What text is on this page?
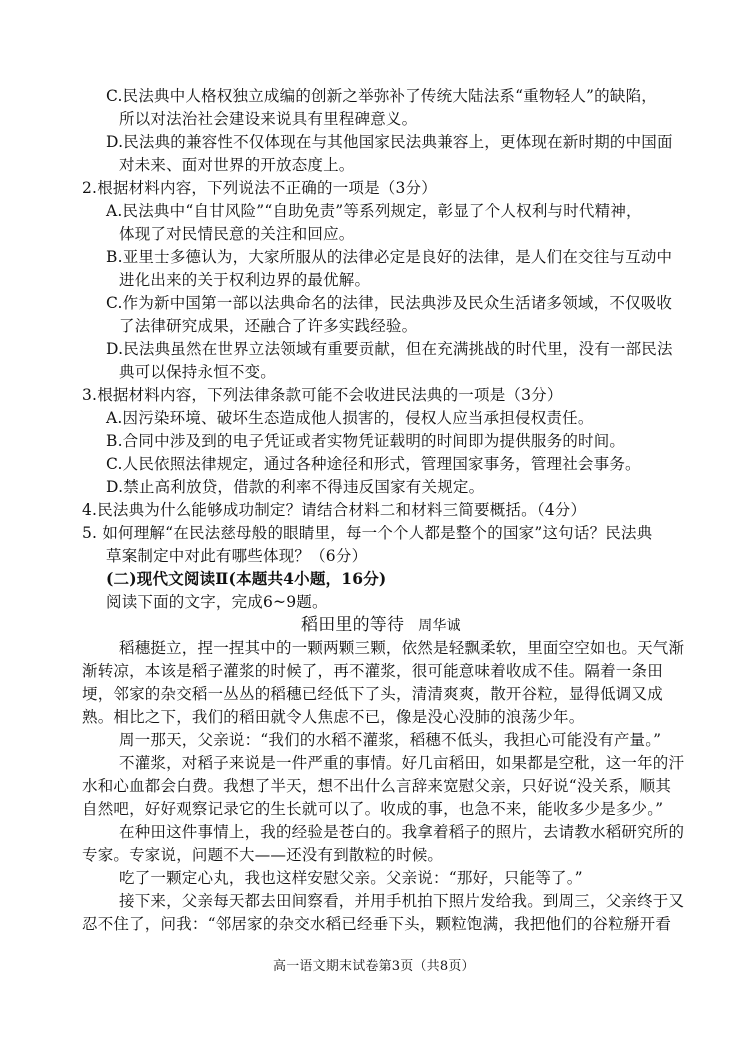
C.民法典中人格权独立成编的创新之举弥补了传统大陆法系“重物轻人”的缺陷，
所以对法治社会建设来说具有里程碑意义。
D.民法典的兼容性不仅体现在与其他国家民法典兼容上，更体现在新时期的中国面
对未来、面对世界的开放态度上。
2.根据材料内容，下列说法不正确的一项是（3分）
A.民法典中“自甘风险”“自助免责”等系列规定，彰显了个人权利与时代精神，
体现了对民情民意的关注和回应。
B.亚里士多德认为，大家所服从的法律必定是良好的法律，是人们在交往与互动中
进化出来的关于权利边界的最优解。
C.作为新中国第一部以法典命名的法律，民法典涉及民众生活诸多领域，不仅吸收
了法律研究成果，还融合了许多实践经验。
D.民法典虽然在世界立法领域有重要贡献，但在充满挑战的时代里，没有一部民法
典可以保持永恒不变。
3.根据材料内容，下列法律条款可能不会收进民法典的一项是（3分）
A.因污染环境、破坏生态造成他人损害的，侵权人应当承担侵权责任。
B.合同中涉及到的电子凭证或者实物凭证载明的时间即为提供服务的时间。
C.人民依照法律规定，通过各种途径和形式，管理国家事务，管理社会事务。
D.禁止高利放贷，借款的利率不得违反国家有关规定。
4.民法典为什么能够成功制定？请结合材料二和材料三简要概括。（4分）
5. 如何理解“在民法慈母般的眼睛里，每一个个人都是整个的国家”这句话？民法典
草案制定中对此有哪些体现？（6分）
(二)现代文阅读Ⅱ(本题共4小题，16分)
阅读下面的文字，完成6~9题。
稻田里的等待 周华诚
稻穗挺立，捏一捏其中的一颗两颗三颗，依然是轻飘柔软，里面空空如也。天气渐
渐转凉，本该是稻子灌浆的时候了，再不灌浆，很可能意味着收成不佳。隔着一条田
埂，邻家的杂交稻一丛丛的稻穗已经低下了头，清清爽爽，散开谷粒，显得低调又成
熟。相比之下，我们的稻田就令人焦虑不已，像是没心没肺的浪荡少年。
周一那天，父亲说：“我们的水稻不灌浆，稻穗不低头，我担心可能没有产量。”
不灌浆，对稻子来说是一件严重的事情。好几亩稻田，如果都是空秕，这一年的汗
水和心血都会白费。我想了半天，想不出什么言辞来宽慰父亲，只好说“没关系，顺其
自然吧，好好观察记录它的生长就可以了。收成的事，也急不来，能收多少是多少。”
在种田这件事情上，我的经验是苍白的。我拿着稻子的照片，去请教水稻研究所的
专家。专家说，问题不大——还没有到散粒的时候。
吃了一颗定心丸，我也这样安慰父亲。父亲说：“那好，只能等了。”
接下来，父亲每天都去田间察看，并用手机拍下照片发给我。到周三，父亲终于又
忍不住了，问我：“邻居家的杂交水稻已经垂下头，颗粒饱满，我把他们的谷粒掰开看
高一语文期末试卷第3页（共8页）
